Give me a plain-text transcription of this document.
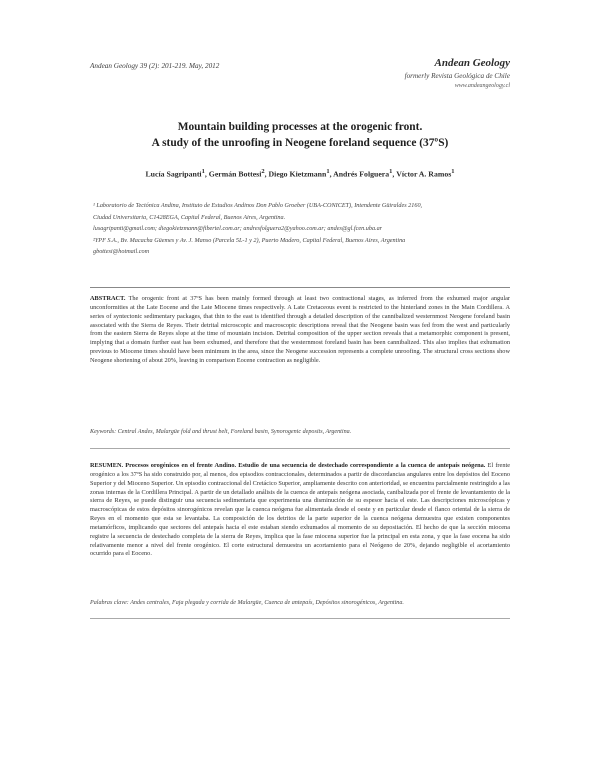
Andean Geology 39 (2): 201-219. May, 2012	Andean Geology
formerly Revista Geológica de Chile
www.andeangeology.cl
Mountain building processes at the orogenic front.
A study of the unroofing in Neogene foreland sequence (37ºS)
Lucía Sagripanti$^1$, Germán Bottesi$^2$, Diego Kietzmann$^1$, Andrés Folguera$^1$, Víctor A. Ramos$^1$

¹ Laboratorio de Tectónica Andina, Instituto de Estudios Andinos Don Pablo Groeber (UBA-CONICET), Intendente Güiraldes 2160,

Ciudad Universitaria, C1428EGA, Capital Federal, Buenos Aires, Argentina.

lusagripanti@gmail.com; diegokietzmann@fibertel.com.ar; andresfolguera2@yahoo.com.ar; andes@gl.fcen.uba.ar

²YPF S.A., Bv. Macacha Güemes y Av. J. Manso (Parcela 5L-1 y 2), Puerto Madero, Capital Federal, Buenos Aires, Argentina

gbottesi@hotmail.com

ABSTRACT. The orogenic front at 37ºS has been mainly formed through at least two contractional stages, as inferred from the exhumed major angular unconformities at the Late Eocene and the Late Miocene times respectively. A Late Cretaceous event is restricted to the hinterland zones in the Main Cordillera. A series of syntectonic sedimentary packages, that thin to the east is identified through a detailed description of the cannibalized westernmost Neogene foreland basin associated with the Sierra de Reyes. Their detrital microscopic and macroscopic descriptions reveal that the Neogene basin was fed from the west and particularly from the eastern Sierra de Reyes slope at the time of mountain incision. Detrital composition of the upper section reveals that a metamorphic component is present, implying that a domain further east has been exhumed, and therefore that the westernmost foreland basin has been cannibalized. This also implies that exhumation previous to Miocene times should have been minimum in the area, since the Neogene succession represents a complete unroofing. The structural cross sections show Neogene shortening of about 20%, leaving in comparison Eocene contraction as negligible.
Keywords: Central Andes, Malargüe fold and thrust belt, Foreland basin, Synorogenic deposits, Argentina.
RESUMEN. Procesos orogénicos en el frente Andino. Estudio de una secuencia de destechado correspondiente a la cuenca de antepaís neógena. El frente orogénico a los 37ºS ha sido construido por, al menos, dos episodios contraccionales, determinados a partir de discordancias angulares entre los depósitos del Eoceno Superior y del Mioceno Superior. Un episodio contraccional del Cretácico Superior, ampliamente descrito con anterioridad, se encuentra parcialmente restringido a las zonas internas de la Cordillera Principal. A partir de un detallado análisis de la cuenca de antepaís neógena asociada, canibalizada por el frente de levantamiento de la sierra de Reyes, se puede distinguir una secuencia sedimentaria que experimenta una disminución de su espesor hacia el este. Las descripciones microscópicas y macroscópicas de estos depósitos sinorogénicos revelan que la cuenca neógena fue alimentada desde el oeste y en particular desde el flanco oriental de la sierra de Reyes en el momento que esta se levantaba. La composición de los detritos de la parte superior de la cuenca neógena demuestra que existen componentes metamórficos, implicando que sectores del antepaís hacia el este estaban siendo exhumados al momento de su depositación. El hecho de que la sección miocena registre la secuencia de destechado completa de la sierra de Reyes, implica que la fase miocena superior fue la principal en esta zona, y que la fase eocena ha sido relativamente menor a nivel del frente orogénico. El corte estructural demuestra un acortamiento para el Neógeno de 20%, dejando negligible el acortamiento ocurrido para el Eoceno.
Palabras clave: Andes centrales, Faja plegada y corrida de Malargüe, Cuenca de antepaís, Depósitos sinorogénicos, Argentina.
